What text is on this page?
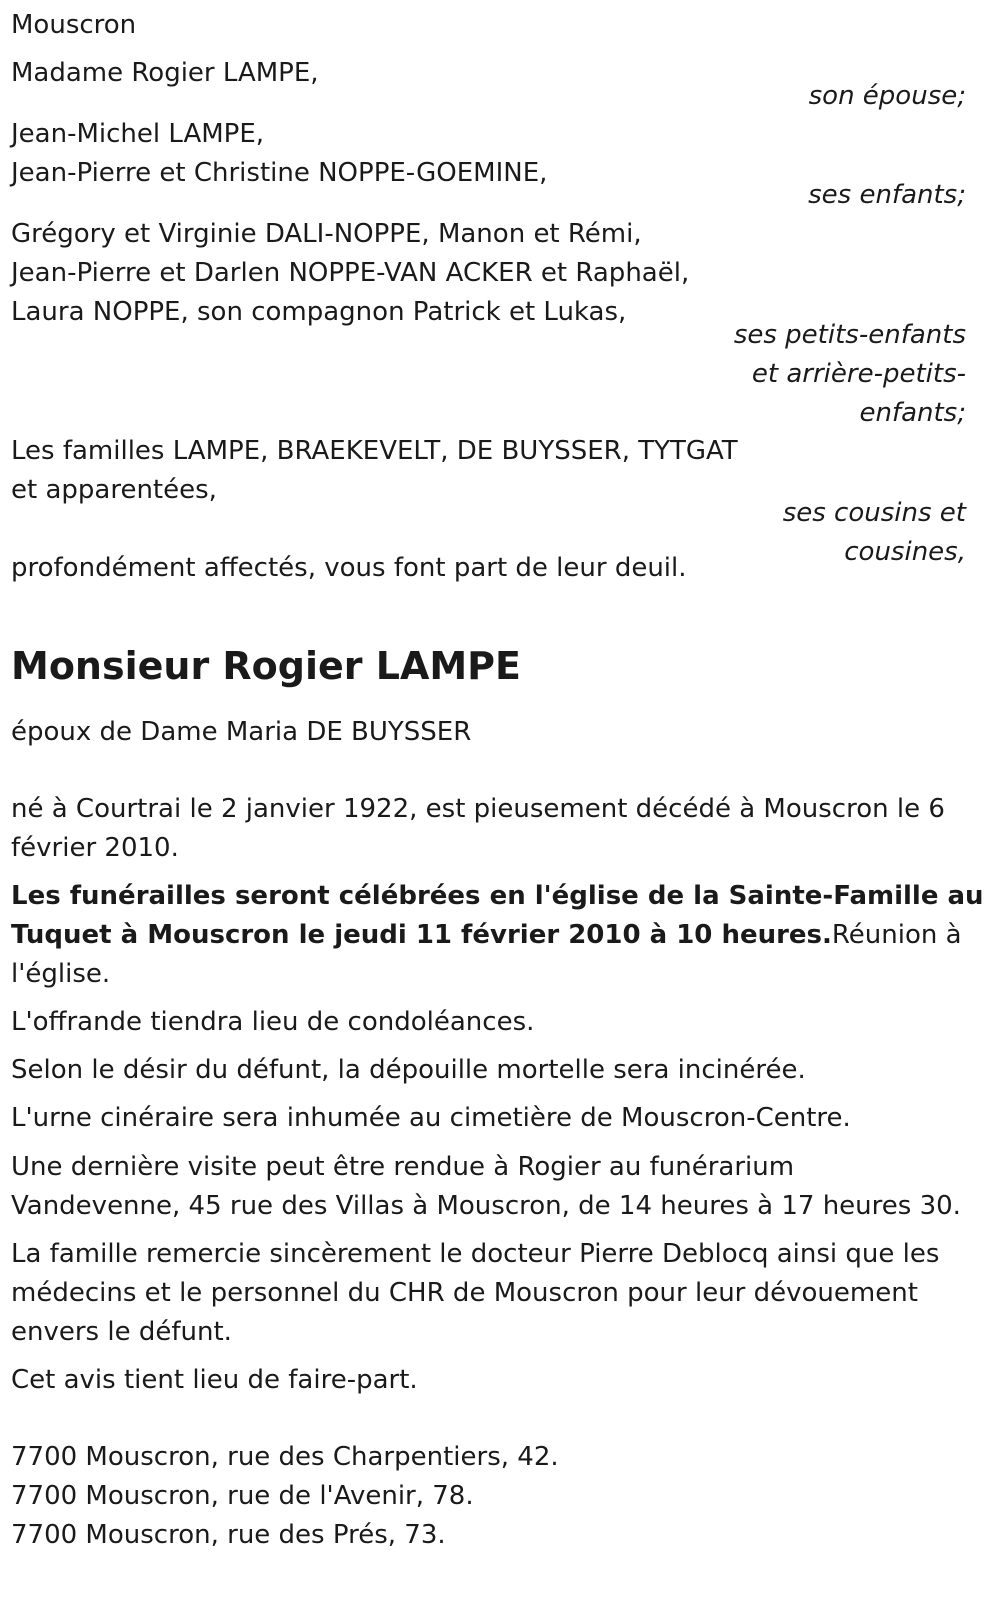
Mouscron

Madame Rogier LAMPE,

son épouse;

Jean-Michel LAMPE,

Jean-Pierre et Christine NOPPE-GOEMINE,

ses enfants;

Grégory et Virginie DALI-NOPPE, Manon et Rémi,

Jean-Pierre et Darlen NOPPE-VAN ACKER et Raphaël,

Laura NOPPE, son compagnon Patrick et Lukas,

ses petits-enfants

et arrière-petits-

enfants;

Les familles LAMPE, BRAEKEVELT, DE BUYSSER, TYTGAT

et apparentées,

ses cousins et

cousines,

profondément affectés, vous font part de leur deuil.

Monsieur Rogier LAMPE

époux de Dame Maria DE BUYSSER

né à Courtrai le 2 janvier 1922, est pieusement décédé à Mouscron le 6

février 2010.

Les funérailles seront célébrées en l'église de la Sainte-Famille au

Tuquet à Mouscron le jeudi 11 février 2010 à 10 heures.Réunion à

l'église.

L'offrande tiendra lieu de condoléances.

Selon le désir du défunt, la dépouille mortelle sera incinérée.

L'urne cinéraire sera inhumée au cimetière de Mouscron-Centre.

Une dernière visite peut être rendue à Rogier au funérarium

Vandevenne, 45 rue des Villas à Mouscron, de 14 heures à 17 heures 30.

La famille remercie sincèrement le docteur Pierre Deblocq ainsi que les

médecins et le personnel du CHR de Mouscron pour leur dévouement

envers le défunt.

Cet avis tient lieu de faire-part.

7700 Mouscron, rue des Charpentiers, 42.

7700 Mouscron, rue de l'Avenir, 78.

7700 Mouscron, rue des Prés, 73.
